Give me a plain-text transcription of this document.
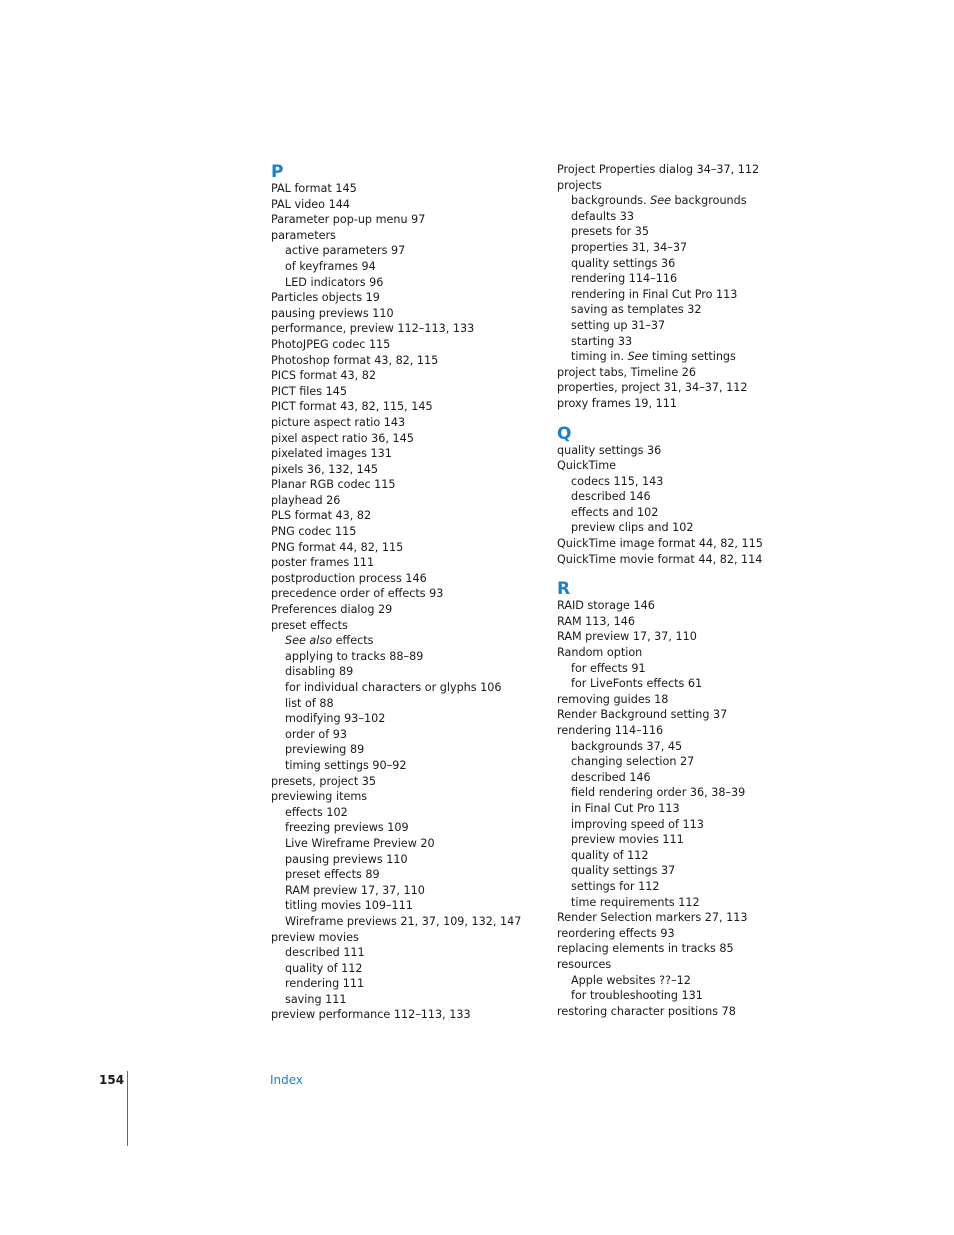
P
PAL format 145
PAL video 144
Parameter pop-up menu 97
parameters
active parameters 97
of keyframes 94
LED indicators 96
Particles objects 19
pausing previews 110
performance, preview 112–113, 133
PhotoJPEG codec 115
Photoshop format 43, 82, 115
PICS format 43, 82
PICT files 145
PICT format 43, 82, 115, 145
picture aspect ratio 143
pixel aspect ratio 36, 145
pixelated images 131
pixels 36, 132, 145
Planar RGB codec 115
playhead 26
PLS format 43, 82
PNG codec 115
PNG format 44, 82, 115
poster frames 111
postproduction process 146
precedence order of effects 93
Preferences dialog 29
preset effects
See also effects
applying to tracks 88–89
disabling 89
for individual characters or glyphs 106
list of 88
modifying 93–102
order of 93
previewing 89
timing settings 90–92
presets, project 35
previewing items
effects 102
freezing previews 109
Live Wireframe Preview 20
pausing previews 110
preset effects 89
RAM preview 17, 37, 110
titling movies 109–111
Wireframe previews 21, 37, 109, 132, 147
preview movies
described 111
quality of 112
rendering 111
saving 111
preview performance 112–113, 133
Project Properties dialog 34–37, 112
projects
backgrounds. See backgrounds
defaults 33
presets for 35
properties 31, 34–37
quality settings 36
rendering 114–116
rendering in Final Cut Pro 113
saving as templates 32
setting up 31–37
starting 33
timing in. See timing settings
project tabs, Timeline 26
properties, project 31, 34–37, 112
proxy frames 19, 111
Q
quality settings 36
QuickTime
codecs 115, 143
described 146
effects and 102
preview clips and 102
QuickTime image format 44, 82, 115
QuickTime movie format 44, 82, 114
R
RAID storage 146
RAM 113, 146
RAM preview 17, 37, 110
Random option
for effects 91
for LiveFonts effects 61
removing guides 18
Render Background setting 37
rendering 114–116
backgrounds 37, 45
changing selection 27
described 146
field rendering order 36, 38–39
in Final Cut Pro 113
improving speed of 113
preview movies 111
quality of 112
quality settings 37
settings for 112
time requirements 112
Render Selection markers 27, 113
reordering effects 93
replacing elements in tracks 85
resources
Apple websites ??–12
for troubleshooting 131
restoring character positions 78
154	Index
